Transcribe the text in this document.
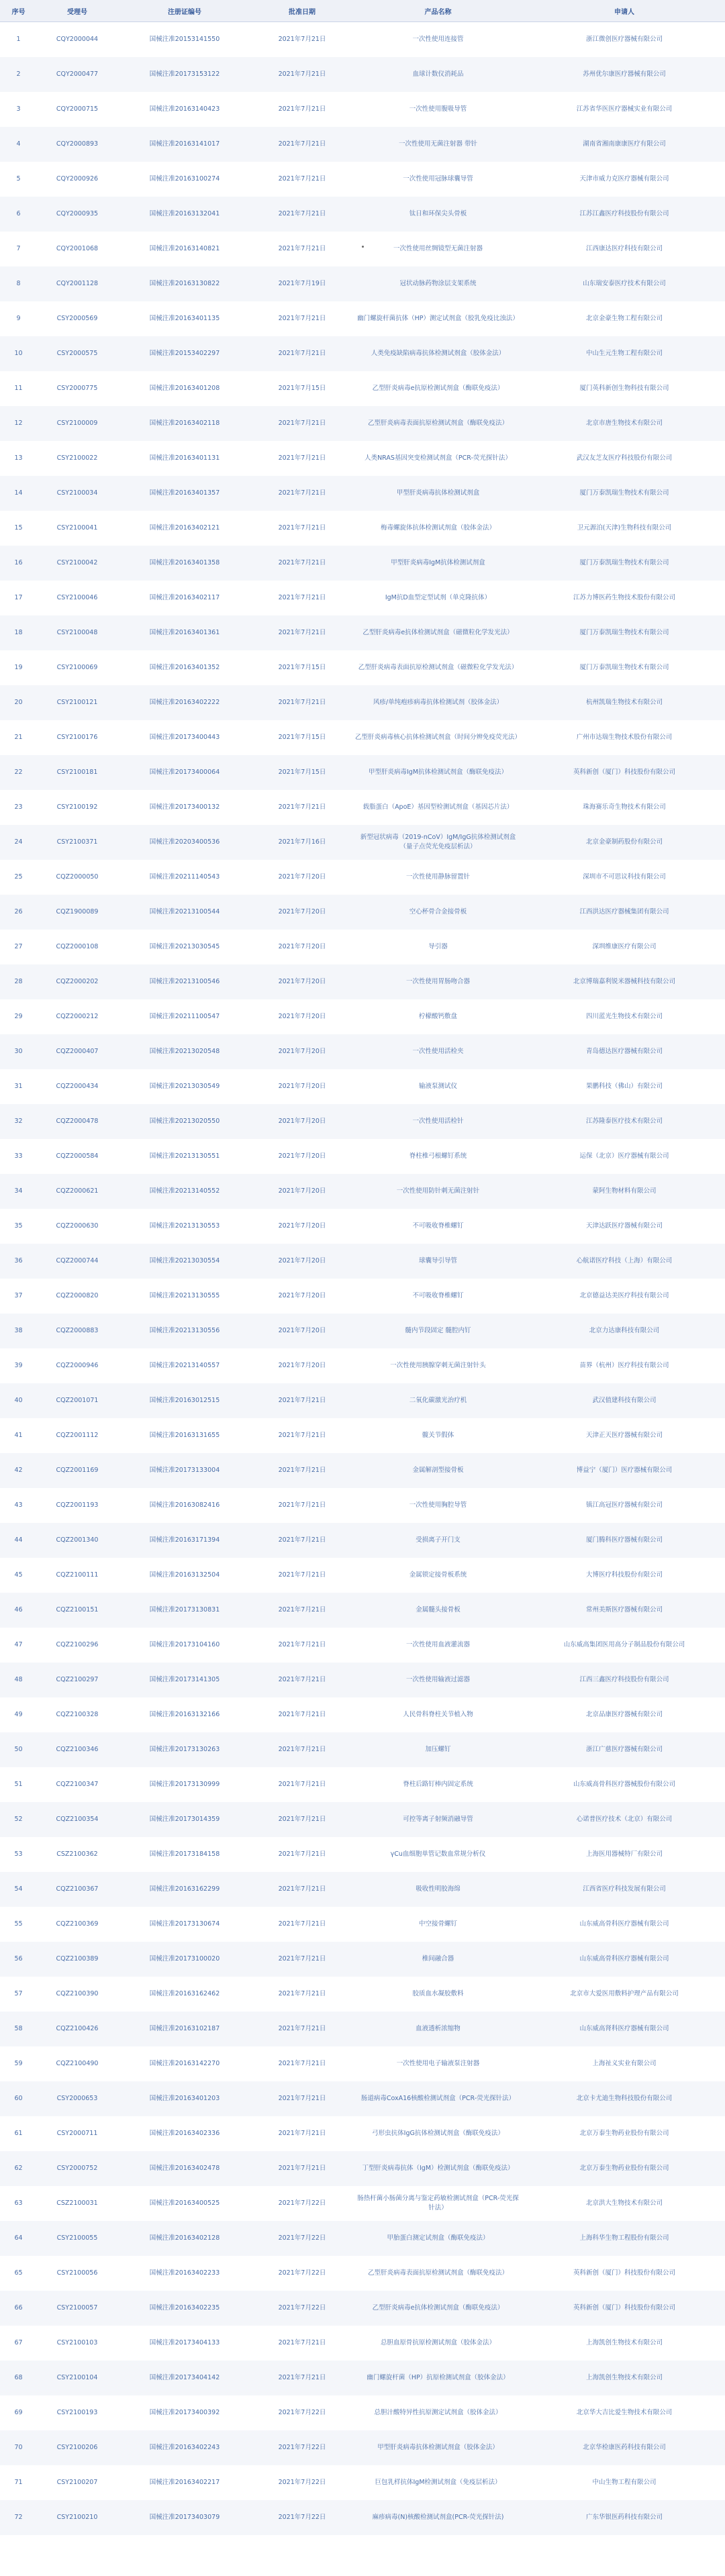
序号	受理号	注册证编号	批准日期	产品名称	申请人
1	CQY2000044	国械注准20153141550	2021年7月21日	一次性使用连接管	浙江微创医疗器械有限公司
2	CQY2000477	国械注准20173153122	2021年7月21日	血球计数仪消耗品	苏州优尔康医疗器械有限公司
3	CQY2000715	国械注准20163140423	2021年7月21日	一次性使用腹吸导管	江苏省华医医疗器械实业有限公司
4	CQY2000893	国械注准20163141017	2021年7月21日	一次性使用无菌注射器 带针	湖南省湘南康康医疗有限公司
5	CQY2000926	国械注准20163100274	2021年7月21日	一次性使用冠脉球囊导管	天津市威力克医疗器械有限公司
6	CQY2000935	国械注准20163132041	2021年7月21日	钛日和环保尖头骨板	江苏江鑫医疗科技股份有限公司
7	CQY2001068	国械注准20163140821	2021年7月21日	一次性使用丝绸镜型无菌注射器	江西康达医疗科技有限公司
8	CQY2001128	国械注准20163130822	2021年7月19日	冠状动脉药物涂层支架系统	山东瑞安泰医疗技术有限公司
9	CSY2000569	国械注准20163401135	2021年7月21日	幽门螺旋杆菌抗体（HP）测定试剂盒（胶乳免疫比浊法）	北京金豪生物工程有限公司
10	CSY2000575	国械注准20153402297	2021年7月21日	人类免疫缺陷病毒抗体检测试剂盒（胶体金法）	中山生元生物工程有限公司
11	CSY2000775	国械注准20163401208	2021年7月15日	乙型肝炎病毒e抗原检测试剂盒（酶联免疫法）	厦门英科新创生物科技有限公司
12	CSY2100009	国械注准20163402118	2021年7月21日	乙型肝炎病毒表面抗原检测试剂盒（酶联免疫法）	北京市唐生物技术有限公司
13	CSY2100022	国械注准20163401131	2021年7月21日	人类NRAS基因突变检测试剂盒（PCR-荧光探针法）	武汉友芝友医疗科技股份有限公司
14	CSY2100034	国械注准20163401357	2021年7月21日	甲型肝炎病毒抗体检测试剂盒	厦门万泰凯瑞生物技术有限公司
15	CSY2100041	国械注准20163402121	2021年7月21日	梅毒螺旋体抗体检测试剂盒（胶体金法）	卫元源泊(天津)生物科技有限公司
16	CSY2100042	国械注准20163401358	2021年7月21日	甲型肝炎病毒IgM抗体检测试剂盒	厦门万泰凯瑞生物技术有限公司
17	CSY2100046	国械注准20163402117	2021年7月21日	IgM抗D血型定型试剂（单克隆抗体）	江苏力博医药生物技术股份有限公司
18	CSY2100048	国械注准20163401361	2021年7月21日	乙型肝炎病毒e抗体检测试剂盒（磁微粒化学发光法）	厦门万泰凯瑞生物技术有限公司
19	CSY2100069	国械注准20163401352	2021年7月15日	乙型肝炎病毒表面抗原检测试剂盒（磁微粒化学发光法）	厦门万泰凯瑞生物技术有限公司
20	CSY2100121	国械注准20163402222	2021年7月21日	风疹/单纯疱疹病毒抗体检测试剂（胶体金法）	杭州凯瑞生物技术有限公司
21	CSY2100176	国械注准20173400443	2021年7月15日	乙型肝炎病毒核心抗体检测试剂盒（时间分辨免疫荧光法）	广州市达瑞生物技术股份有限公司
22	CSY2100181	国械注准20173400064	2021年7月15日	甲型肝炎病毒IgM抗体检测试剂盒（酶联免疫法）	英科新创（厦门）科技股份有限公司
23	CSY2100192	国械注准20173400132	2021年7月21日	载脂蛋白（ApoE）基因型检测试剂盒（基因芯片法）	珠海赛乐奇生物技术有限公司
24	CSY2100371	国械注准20203400536	2021年7月16日	新型冠状病毒（2019-nCoV）IgM/IgG抗体检测试剂盒（量子点荧光免疫层析法）	北京金豪制药股份有限公司
25	CQZ2000050	国械注准20211140543	2021年7月20日	一次性使用静脉留置针	深圳市不可思议科技有限公司
26	CQZ1900089	国械注准20213100544	2021年7月20日	空心杯骨合金接骨板	江西洪达医疗器械集团有限公司
27	CQZ2000108	国械注准20213030545	2021年7月20日	导引器	深圳维康医疗有限公司
28	CQZ2000202	国械注准20213100546	2021年7月20日	一次性使用胃肠吻合器	北京博瑞嘉利锐米器械科技有限公司
29	CQZ2000212	国械注准20211100547	2021年7月20日	柠檬酸钙敷盘	四川蓝光生物技术有限公司
30	CQZ2000407	国械注准20213020548	2021年7月20日	一次性使用活检夹	青岛德达医疗器械有限公司
31	CQZ2000434	国械注准20213030549	2021年7月20日	输液泵测试仪	果鹏科技（佛山）有限公司
32	CQZ2000478	国械注准20213020550	2021年7月20日	一次性使用活检针	江苏隆泰医疗技术有限公司
33	CQZ2000584	国械注准20213130551	2021年7月20日	脊柱椎弓根螺钉系统	运保（北京）医疗器械有限公司
34	CQZ2000621	国械注准20213140552	2021年7月20日	一次性使用防针刺无菌注射针	蒙阿生物材料有限公司
35	CQZ2000630	国械注准20213130553	2021年7月20日	不可吸收脊椎螺钉	天津达跃医疗器械有限公司
36	CQZ2000744	国械注准20213030554	2021年7月20日	球囊导引导管	心航诺医疗科技（上海）有限公司
37	CQZ2000820	国械注准20213130555	2021年7月20日	不可吸收脊椎螺钉	北京德益达美医疗科技有限公司
38	CQZ2000883	国械注准20213130556	2021年7月20日	髓内节段固定 髓腔内钉	北京力达康科技有限公司
39	CQZ2000946	国械注准20213140557	2021年7月20日	一次性使用胰腺穿刺无菌注射针头	苗界（杭州）医疗科技有限公司
40	CQZ2001071	国械注准20163012515	2021年7月21日	二氧化碳激光治疗机	武汉值建科技有限公司
41	CQZ2001112	国械注准20163131655	2021年7月21日	髋关节假体	天津正天医疗器械有限公司
42	CQZ2001169	国械注准20173133004	2021年7月21日	金属解剖型接骨板	博益宁（厦门）医疗器械有限公司
43	CQZ2001193	国械注准20163082416	2021年7月21日	一次性使用胸腔导管	镇江高冠医疗器械有限公司
44	CQZ2001340	国械注准20163171394	2021年7月21日	受损离子开门支	厦门腾科医疗器械有限公司
45	CQZ2100111	国械注准20163132504	2021年7月21日	金属锁定接骨板系统	大博医疗科技股份有限公司
46	CQZ2100151	国械注准20173130831	2021年7月21日	金属髓头接骨板	常州美斯医疗器械有限公司
47	CQZ2100296	国械注准20173104160	2021年7月21日	一次性使用血液灌流器	山东威高集团医用高分子制品股份有限公司
48	CQZ2100297	国械注准20173141305	2021年7月21日	一次性使用输液过滤器	江西三鑫医疗科技股份有限公司
49	CQZ2100328	国械注准20163132166	2021年7月21日	人民骨科脊柱关节植入物	北京品康医疗器械有限公司
50	CQZ2100346	国械注准20173130263	2021年7月21日	加压螺钉	浙江广慈医疗器械有限公司
51	CQZ2100347	国械注准20173130999	2021年7月21日	脊柱后路钉棒内固定系统	山东威高骨科医疗器械股份有限公司
52	CQZ2100354	国械注准20173014359	2021年7月21日	可控等离子射频消融导管	心诺普医疗技术（北京）有限公司
53	CSZ2100362	国械注准20173184158	2021年7月21日	γCu血细胞单管记数血常规分析仪	上海医用器械特厂有限公司
54	CQZ2100367	国械注准20163162299	2021年7月21日	吸收性明胶海绵	江西省医疗科技发展有限公司
55	CQZ2100369	国械注准20173130674	2021年7月21日	中空接骨螺钉	山东威高骨科医疗器械有限公司
56	CQZ2100389	国械注准20173100020	2021年7月21日	椎间融合器	山东威高骨科医疗器械有限公司
57	CQZ2100390	国械注准20163162462	2021年7月21日	胶质血水凝胶敷料	北京市大爱医用敷料护理产品有限公司
58	CQZ2100426	国械注准20163102187	2021年7月21日	血液透析浓缩物	山东威高肾科医疗器械有限公司
59	CQZ2100490	国械注准20163142270	2021年7月21日	一次性使用电子输液泵注射器	上海祉义实业有限公司
60	CSY2000653	国械注准20163401203	2021年7月21日	肠道病毒CoxA16核酸检测试剂盒（PCR-荧光探针法）	北京卡尤迪生物科技股份有限公司
61	CSY2000711	国械注准20163402336	2021年7月21日	弓形虫抗体IgG抗体检测试剂盒（酶联免疫法）	北京万泰生物药业股份有限公司
62	CSY2000752	国械注准20163402478	2021年7月21日	丁型肝炎病毒抗体（IgM）检测试剂盒（酶联免疫法）	北京万泰生物药业股份有限公司
63	CSZ2100031	国械注准20163400525	2021年7月22日	肠热杆菌小肠菌分离与鉴定药敏检测试剂盒（PCR-荧光探针法）	北京洪大生物技术有限公司
64	CSY2100055	国械注准20163402128	2021年7月22日	甲胎蛋白测定试剂盒（酶联免疫法）	上海科华生物工程股份有限公司
65	CSY2100056	国械注准20163402233	2021年7月22日	乙型肝炎病毒表面抗原检测试剂盒（酶联免疫法）	英科新创（厦门）科技股份有限公司
66	CSY2100057	国械注准20163402235	2021年7月22日	乙型肝炎病毒e抗体检测试剂盒（酶联免疫法）	英科新创（厦门）科技股份有限公司
67	CSY2100103	国械注准20173404133	2021年7月21日	总胆血原骨抗原检测试剂盒（胶体金法）	上海凯创生物技术有限公司
68	CSY2100104	国械注准20173404142	2021年7月21日	幽门螺旋杆菌（HP）抗原检测试剂盒（胶体金法）	上海凯创生物技术有限公司
69	CSY2100193	国械注准20173400392	2021年7月22日	总胆汁酸特异性抗原测定试剂盒（胶体金法）	北京华大吉比爱生物技术有限公司
70	CSY2100206	国械注准20163402243	2021年7月22日	甲型肝炎病毒抗体检测试剂盒（胶体金法）	北京华检康医药科技有限公司
71	CSY2100207	国械注准20163402217	2021年7月22日	巨包乳样抗体IgM检测试剂盒（免疫层析法）	中山生物工程有限公司
72	CSY2100210	国械注准20173403079	2021年7月22日	麻疹病毒(N)核酸检测试剂盒(PCR-荧光探针法)	广东华银医药科技有限公司
